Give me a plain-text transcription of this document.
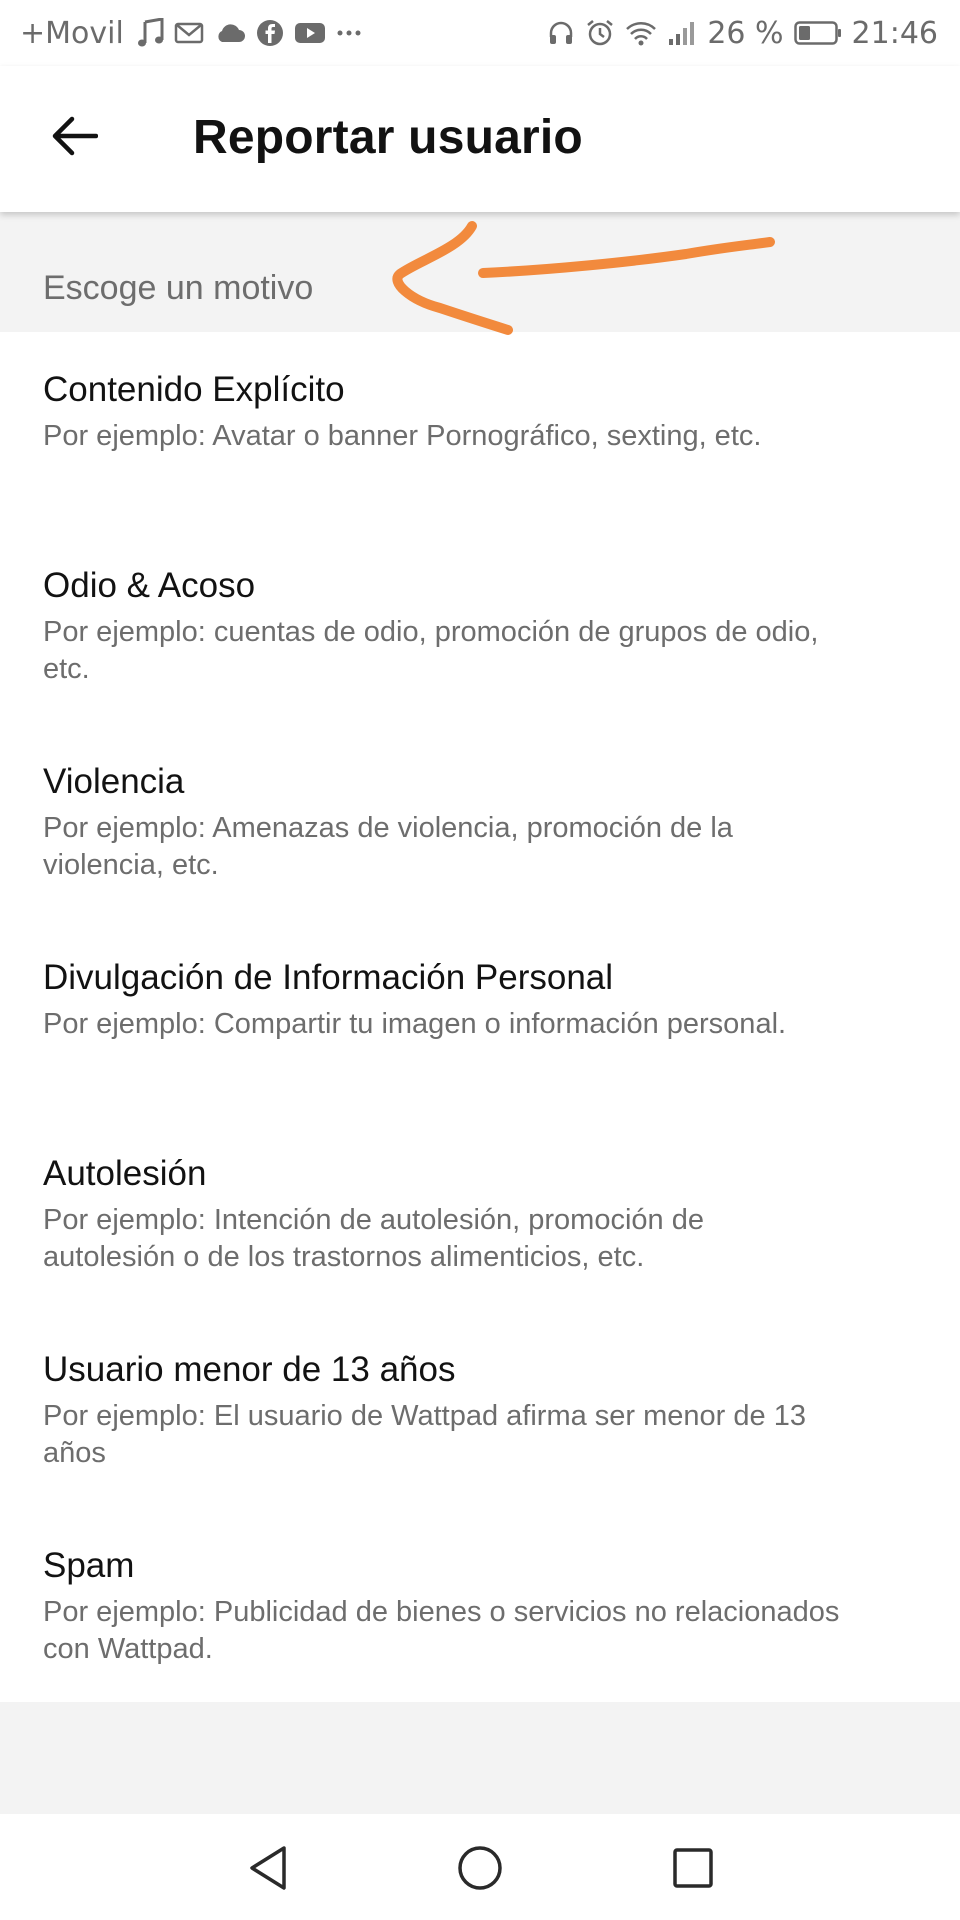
+Movil	26 % 21:46
Reportar usuario
Escoge un motivo
Contenido Explícito
Por ejemplo: Avatar o banner Pornográfico, sexting, etc.
Odio & Acoso
Por ejemplo: cuentas de odio, promoción de grupos de odio, etc.
Violencia
Por ejemplo: Amenazas de violencia, promoción de la violencia, etc.
Divulgación de Información Personal
Por ejemplo: Compartir tu imagen o información personal.
Autolesión
Por ejemplo: Intención de autolesión, promoción de autolesión o de los trastornos alimenticios, etc.
Usuario menor de 13 años
Por ejemplo: El usuario de Wattpad afirma ser menor de 13 años
Spam
Por ejemplo: Publicidad de bienes o servicios no relacionados con Wattpad.
